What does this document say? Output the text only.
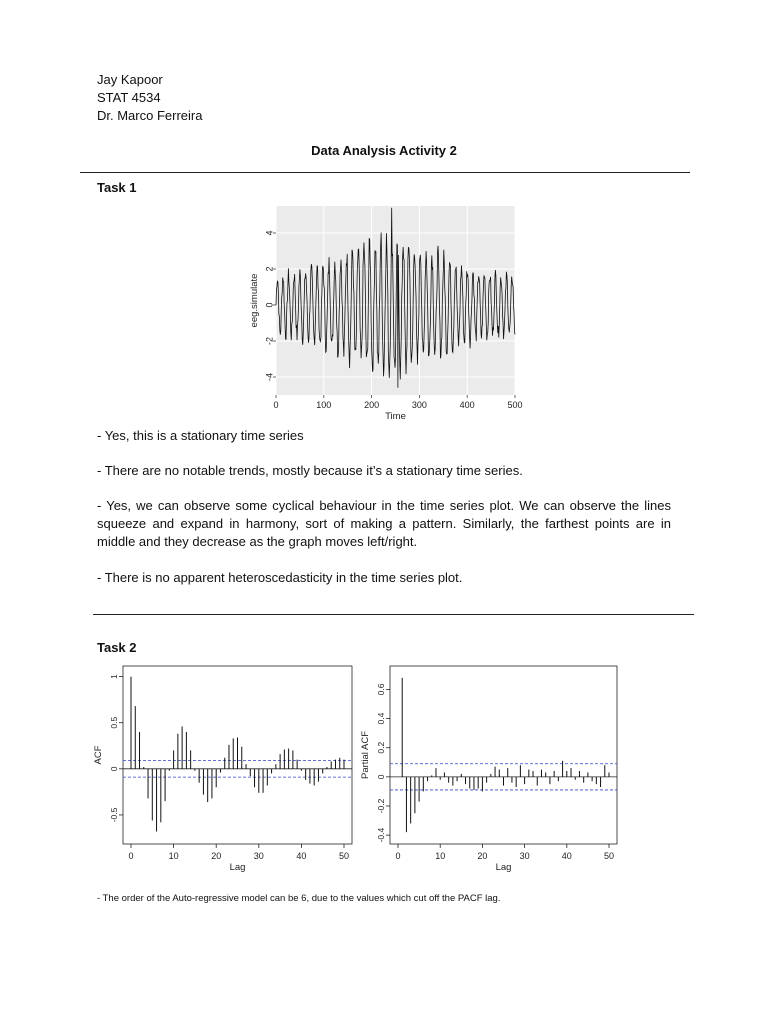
Jay Kapoor
STAT 4534
Dr. Marco Ferreira
Data Analysis Activity 2
Task 1
0	100	200	300	400	500
-4
-2
0
2
4
Time
eeg.simulate
- Yes, this is a stationary time series
- There are no notable trends, mostly because it’s a stationary time series.
- Yes, we can observe some cyclical behaviour in the time series plot. We can observe the lines squeeze and expand in harmony, sort of making a pattern. Similarly, the farthest points are in middle and they decrease as the graph moves left/right.
- There is no apparent heteroscedasticity in the time series plot.
Task 2
0	10	20	30	40	50
-0.5
0
0.5
1
Lag
ACF
0	10	20	30	40	50
-0.4
-0.2
0
0.2
0.4
0.6
Lag
Partial ACF
- The order of the Auto-regressive model can be 6, due to the values which cut off the PACF lag.
